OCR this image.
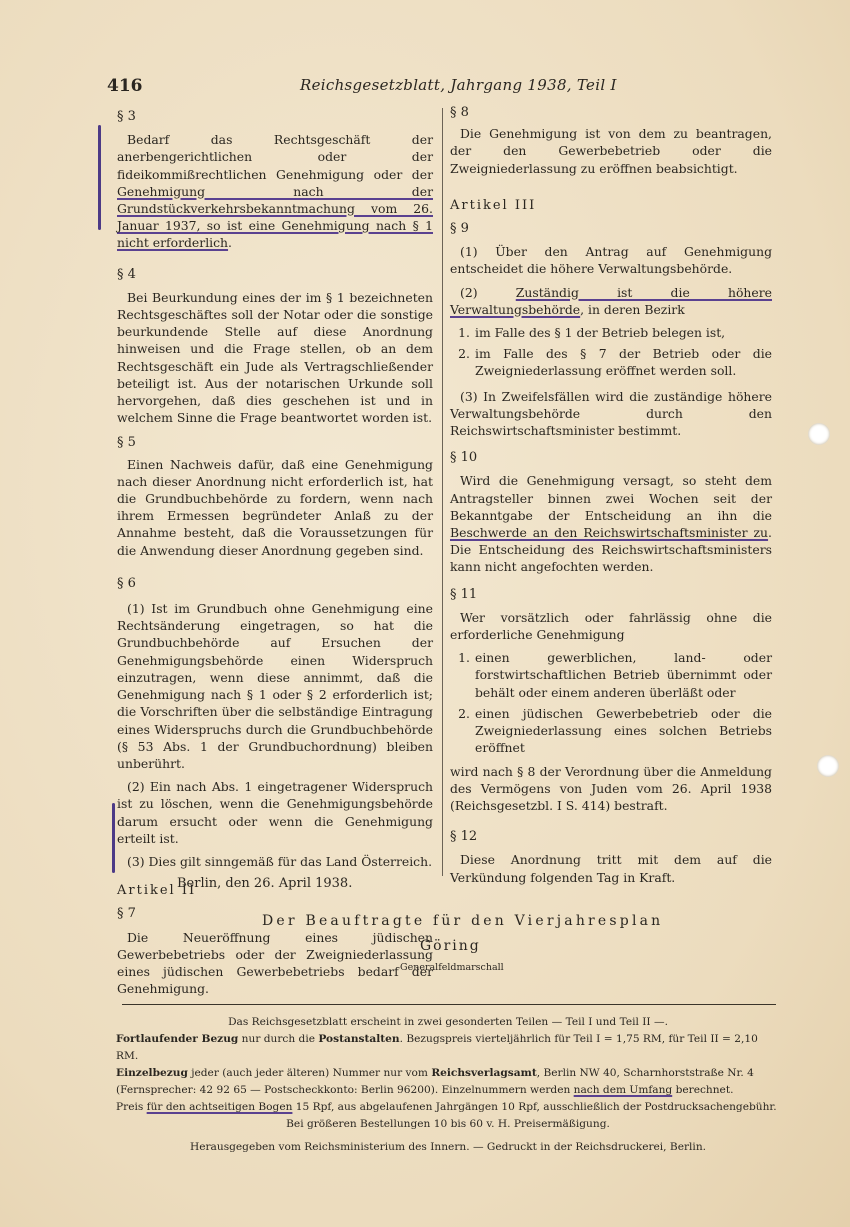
416	Reichsgesetzblatt, Jahrgang 1938, Teil I

§ 3

Bedarf das Rechtsgeschäft der anerbengerichtlichen oder der fideikommißrechtlichen Genehmigung oder der Genehmigung nach der Grundstückverkehrsbekanntmachung vom 26. Januar 1937, so ist eine Genehmigung nach § 1 nicht erforderlich.

§ 4

Bei Beurkundung eines der im § 1 bezeichneten Rechtsgeschäftes soll der Notar oder die sonstige beurkundende Stelle auf diese Anordnung hinweisen und die Frage stellen, ob an dem Rechtsgeschäft ein Jude als Vertragschließender beteiligt ist. Aus der notarischen Urkunde soll hervorgehen, daß dies geschehen ist und in welchem Sinne die Frage beantwortet worden ist.

§ 5

Einen Nachweis dafür, daß eine Genehmigung nach dieser Anordnung nicht erforderlich ist, hat die Grundbuchbehörde zu fordern, wenn nach ihrem Ermessen begründeter Anlaß zu der Annahme besteht, daß die Voraussetzungen für die Anwendung dieser Anordnung gegeben sind.

§ 6

(1) Ist im Grundbuch ohne Genehmigung eine Rechtsänderung eingetragen, so hat die Grundbuchbehörde auf Ersuchen der Genehmigungsbehörde einen Widerspruch einzutragen, wenn diese annimmt, daß die Genehmigung nach § 1 oder § 2 erforderlich ist; die Vorschriften über die selbständige Eintragung eines Widerspruchs durch die Grundbuchbehörde (§ 53 Abs. 1 der Grundbuchordnung) bleiben unberührt.

(2) Ein nach Abs. 1 eingetragener Widerspruch ist zu löschen, wenn die Genehmigungsbehörde darum ersucht oder wenn die Genehmigung erteilt ist.

(3) Dies gilt sinngemäß für das Land Österreich.

Artikel II

§ 7

Die Neueröffnung eines jüdischen Gewerbebetriebs oder der Zweigniederlassung eines jüdischen Gewerbebetriebs bedarf der Genehmigung.

§ 8

Die Genehmigung ist von dem zu beantragen, der den Gewerbebetrieb oder die Zweigniederlassung zu eröffnen beabsichtigt.

Artikel III

§ 9

(1) Über den Antrag auf Genehmigung entscheidet die höhere Verwaltungsbehörde.

(2) Zuständig ist die höhere Verwaltungsbehörde, in deren Bezirk

1. im Falle des § 1 der Betrieb belegen ist,
2. im Falle des § 7 der Betrieb oder die Zweigniederlassung eröffnet werden soll.

(3) In Zweifelsfällen wird die zuständige höhere Verwaltungsbehörde durch den Reichswirtschaftsminister bestimmt.

§ 10

Wird die Genehmigung versagt, so steht dem Antragsteller binnen zwei Wochen seit der Bekanntgabe der Entscheidung an ihn die Beschwerde an den Reichswirtschaftsminister zu. Die Entscheidung des Reichswirtschaftsministers kann nicht angefochten werden.

§ 11

Wer vorsätzlich oder fahrlässig ohne die erforderliche Genehmigung

1. einen gewerblichen, land- oder forstwirtschaftlichen Betrieb übernimmt oder behält oder einem anderen überläßt oder
2. einen jüdischen Gewerbebetrieb oder die Zweigniederlassung eines solchen Betriebs eröffnet

wird nach § 8 der Verordnung über die Anmeldung des Vermögens von Juden vom 26. April 1938 (Reichsgesetzbl. I S. 414) bestraft.

§ 12

Diese Anordnung tritt mit dem auf die Verkündung folgenden Tag in Kraft.

Berlin, den 26. April 1938.
Der Beauftragte für den Vierjahresplan
Göring
Generalfeldmarschall

Das Reichsgesetzblatt erscheint in zwei gesonderten Teilen — Teil I und Teil II —.

Fortlaufender Bezug nur durch die Postanstalten. Bezugspreis vierteljährlich für Teil I = 1,75 RM, für Teil II = 2,10 RM.

Einzelbezug jeder (auch jeder älteren) Nummer nur vom Reichsverlagsamt, Berlin NW 40, Scharnhorststraße Nr. 4

(Fernsprecher: 42 92 65 — Postscheckkonto: Berlin 96200). Einzelnummern werden nach dem Umfang berechnet.

Preis für den achtseitigen Bogen 15 Rpf, aus abgelaufenen Jahrgängen 10 Rpf, ausschließlich der Postdrucksachengebühr.

Bei größeren Bestellungen 10 bis 60 v. H. Preisermäßigung.

Herausgegeben vom Reichsministerium des Innern. — Gedruckt in der Reichsdruckerei, Berlin.
